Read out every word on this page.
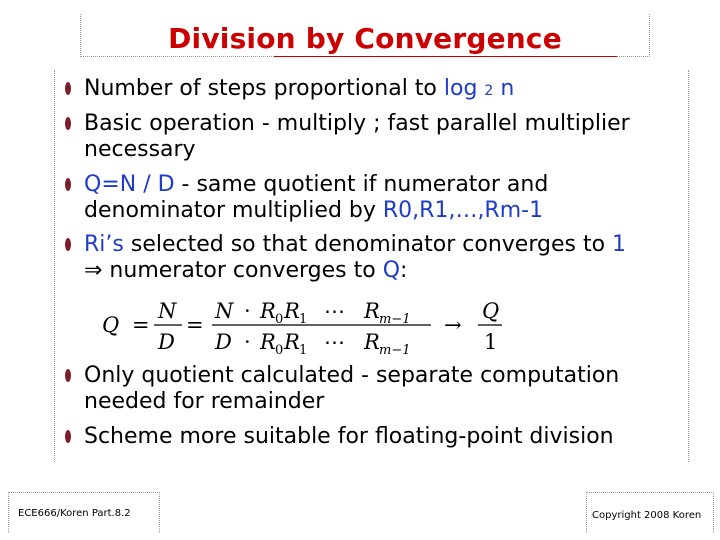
Division by Convergence
Number of steps proportional to log 2 n
Basic operation - multiply ; fast parallel multiplier
necessary
Q=N / D - same quotient if numerator and
denominator multiplied by R0,R1,…,Rm-1
Ri’s selected so that denominator converges to 1
⇒ numerator converges to Q:
Q =
N
D
=
N · R 0 R 1 ⋯ R m−1
D · R 0 R 1 ⋯ R m−1
→
Q
1
Only quotient calculated - separate computation
needed for remainder
Scheme more suitable for floating-point division
ECE666/Koren Part.8.2	Copyright 2008 Koren
